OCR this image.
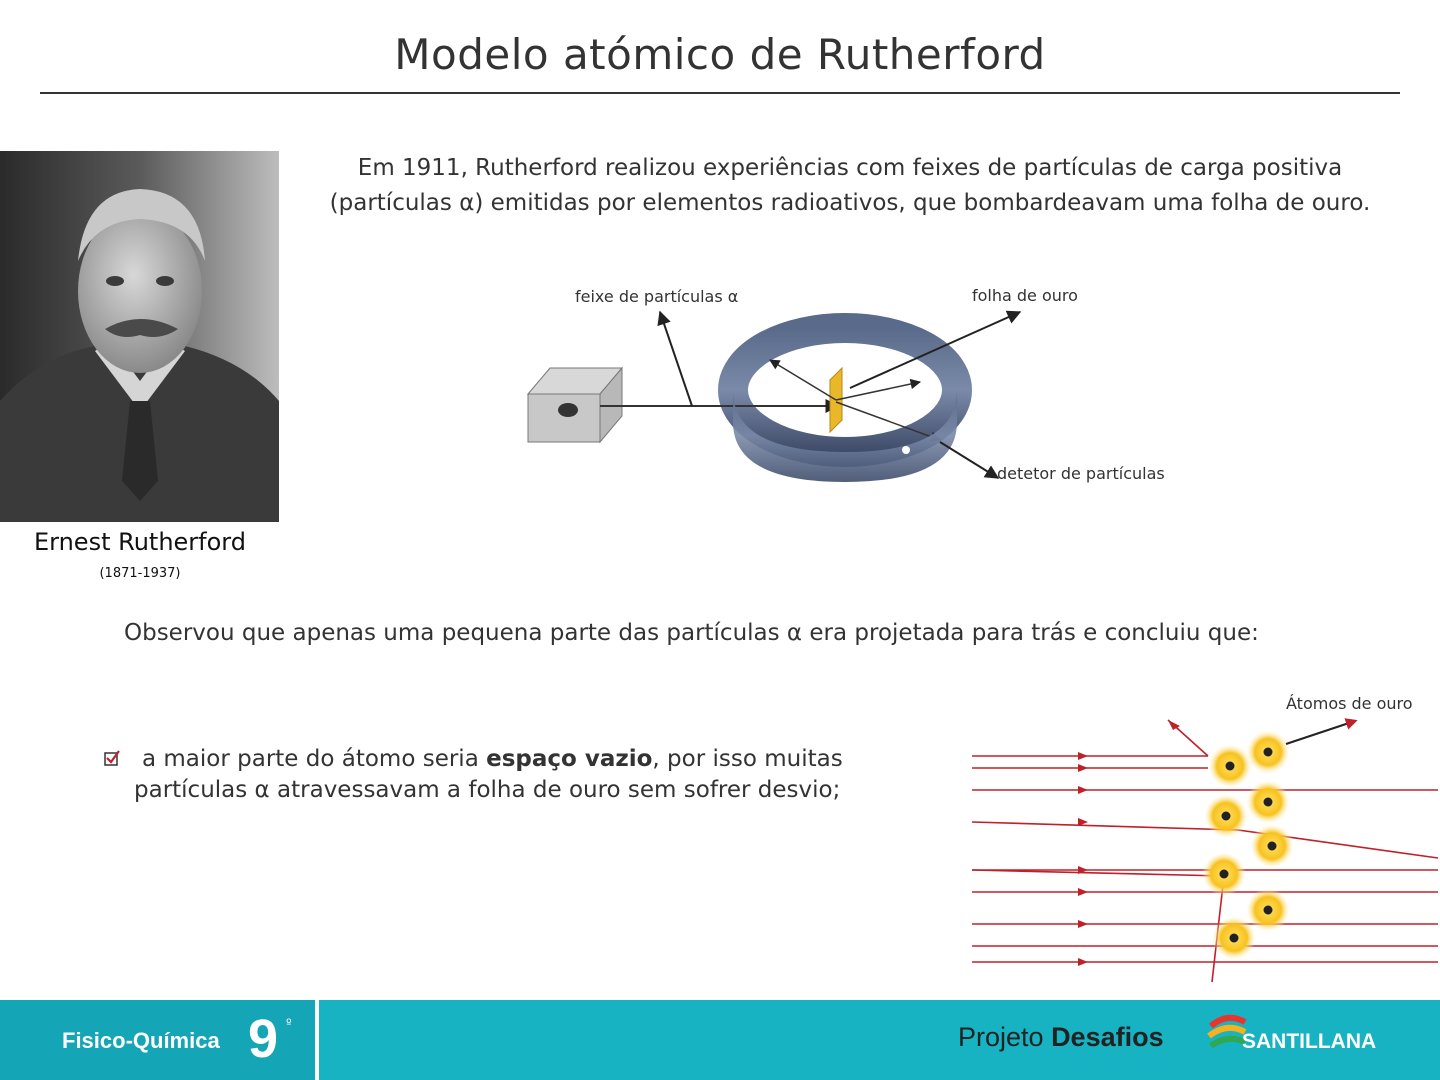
Modelo atómico de Rutherford
Ernest Rutherford
(1871-1937)
Em 1911, Rutherford realizou experiências com feixes de partículas de carga positiva
(partículas α) emitidas por elementos radioativos, que bombardeavam uma folha de ouro.
feixe de partículas α	folha de ouro
detetor de partículas
Observou que apenas uma pequena parte das partículas α era projetada para trás e concluiu que:
a maior parte do átomo seria espaço vazio, por isso muitas
partículas α atravessavam a folha de ouro sem sofrer desvio;
Átomos de ouro
Fisico-Química 9 º	Projeto Desafios	SANTILLANA
